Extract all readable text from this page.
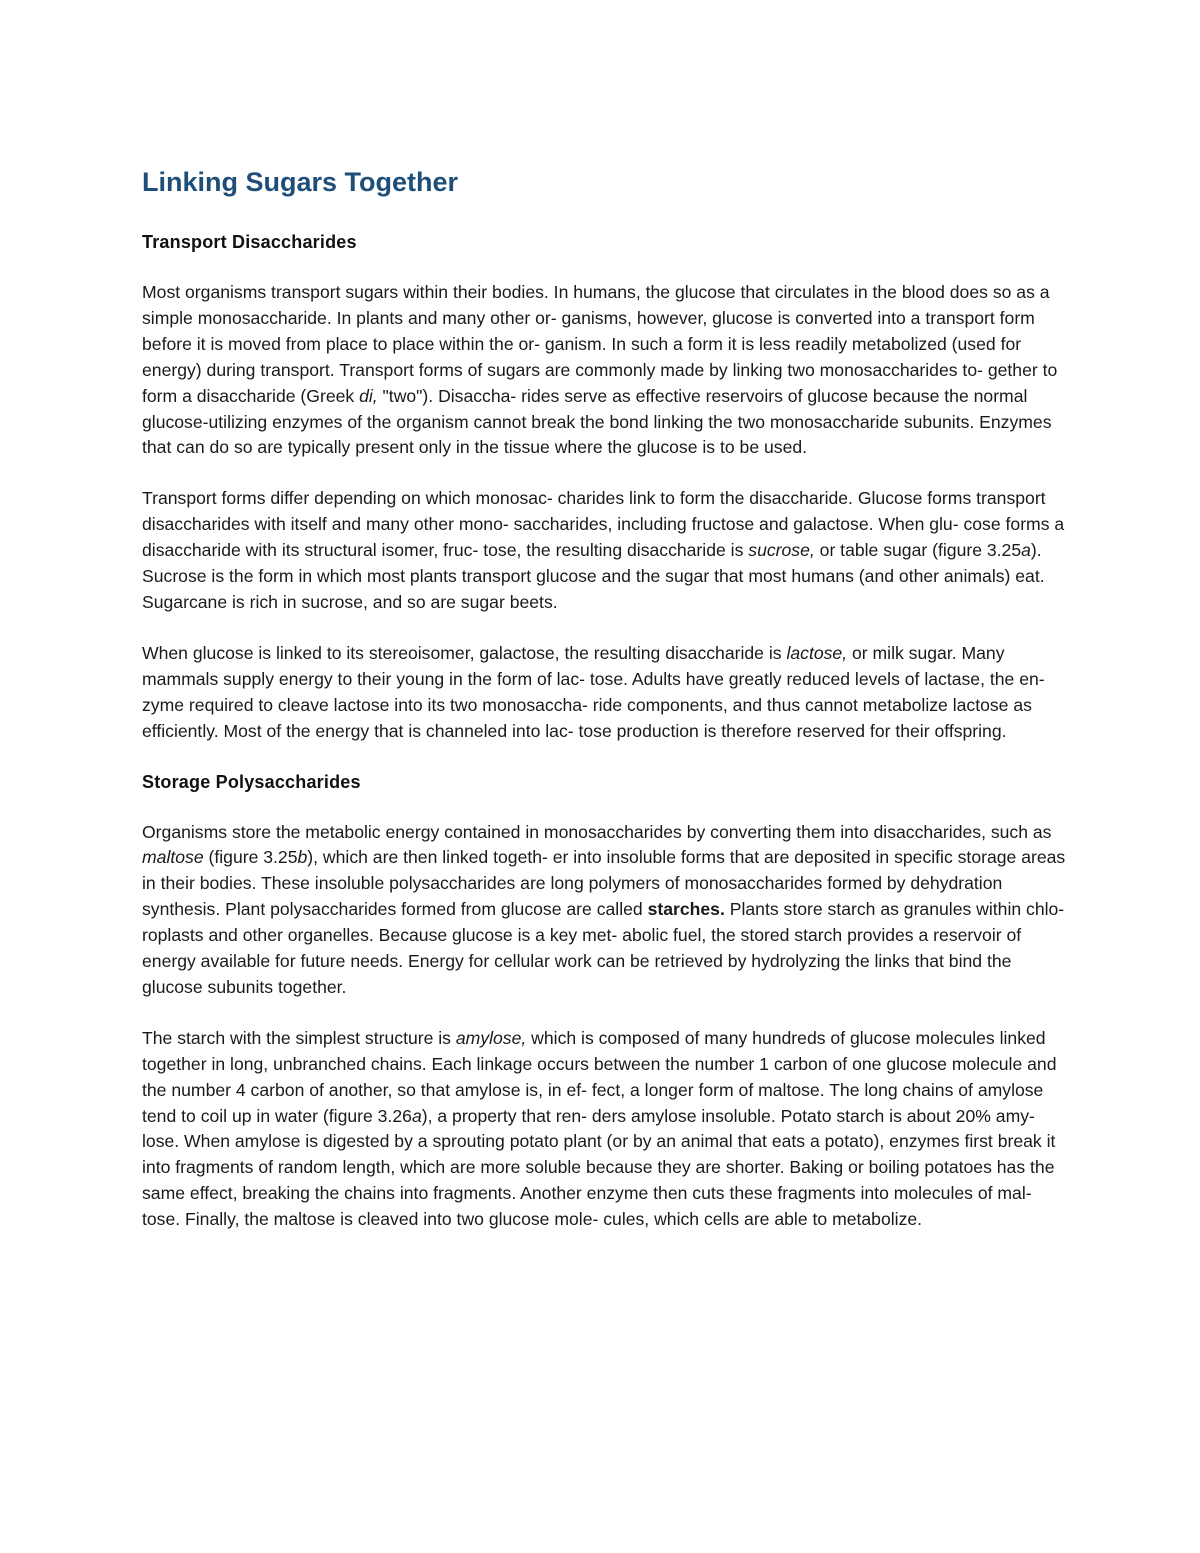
Linking Sugars Together
Transport Disaccharides

Most organisms transport sugars within their bodies. In humans, the glucose that circulates in the blood does so as a simple monosaccharide. In plants and many other or- ganisms, however, glucose is converted into a transport form before it is moved from place to place within the or- ganism. In such a form it is less readily metabolized (used for energy) during transport. Transport forms of sugars are commonly made by linking two monosaccharides to- gether to form a disaccharide (Greek di, "two"). Disaccha- rides serve as effective reservoirs of glucose because the normal glucose-utilizing enzymes of the organism cannot break the bond linking the two monosaccharide subunits. Enzymes that can do so are typically present only in the tissue where the glucose is to be used.

Transport forms differ depending on which monosac- charides link to form the disaccharide. Glucose forms transport disaccharides with itself and many other mono- saccharides, including fructose and galactose. When glu- cose forms a disaccharide with its structural isomer, fruc- tose, the resulting disaccharide is sucrose, or table sugar (figure 3.25a). Sucrose is the form in which most plants transport glucose and the sugar that most humans (and other animals) eat. Sugarcane is rich in sucrose, and so are sugar beets.

When glucose is linked to its stereoisomer, galactose, the resulting disaccharide is lactose, or milk sugar. Many mammals supply energy to their young in the form of lac- tose. Adults have greatly reduced levels of lactase, the en- zyme required to cleave lactose into its two monosaccha- ride components, and thus cannot metabolize lactose as efficiently. Most of the energy that is channeled into lac- tose production is therefore reserved for their offspring.

Storage Polysaccharides

Organisms store the metabolic energy contained in monosaccharides by converting them into disaccharides, such as maltose (figure 3.25b), which are then linked togeth- er into insoluble forms that are deposited in specific storage areas in their bodies. These insoluble polysaccharides are long polymers of monosaccharides formed by dehydration synthesis. Plant polysaccharides formed from glucose are called starches. Plants store starch as granules within chlo- roplasts and other organelles. Because glucose is a key met- abolic fuel, the stored starch provides a reservoir of energy available for future needs. Energy for cellular work can be retrieved by hydrolyzing the links that bind the glucose subunits together.

The starch with the simplest structure is amylose, which is composed of many hundreds of glucose molecules linked together in long, unbranched chains. Each linkage occurs between the number 1 carbon of one glucose molecule and the number 4 carbon of another, so that amylose is, in ef- fect, a longer form of maltose. The long chains of amylose tend to coil up in water (figure 3.26a), a property that ren- ders amylose insoluble. Potato starch is about 20% amy- lose. When amylose is digested by a sprouting potato plant (or by an animal that eats a potato), enzymes first break it into fragments of random length, which are more soluble because they are shorter. Baking or boiling potatoes has the same effect, breaking the chains into fragments. Another enzyme then cuts these fragments into molecules of mal- tose. Finally, the maltose is cleaved into two glucose mole- cules, which cells are able to metabolize.
